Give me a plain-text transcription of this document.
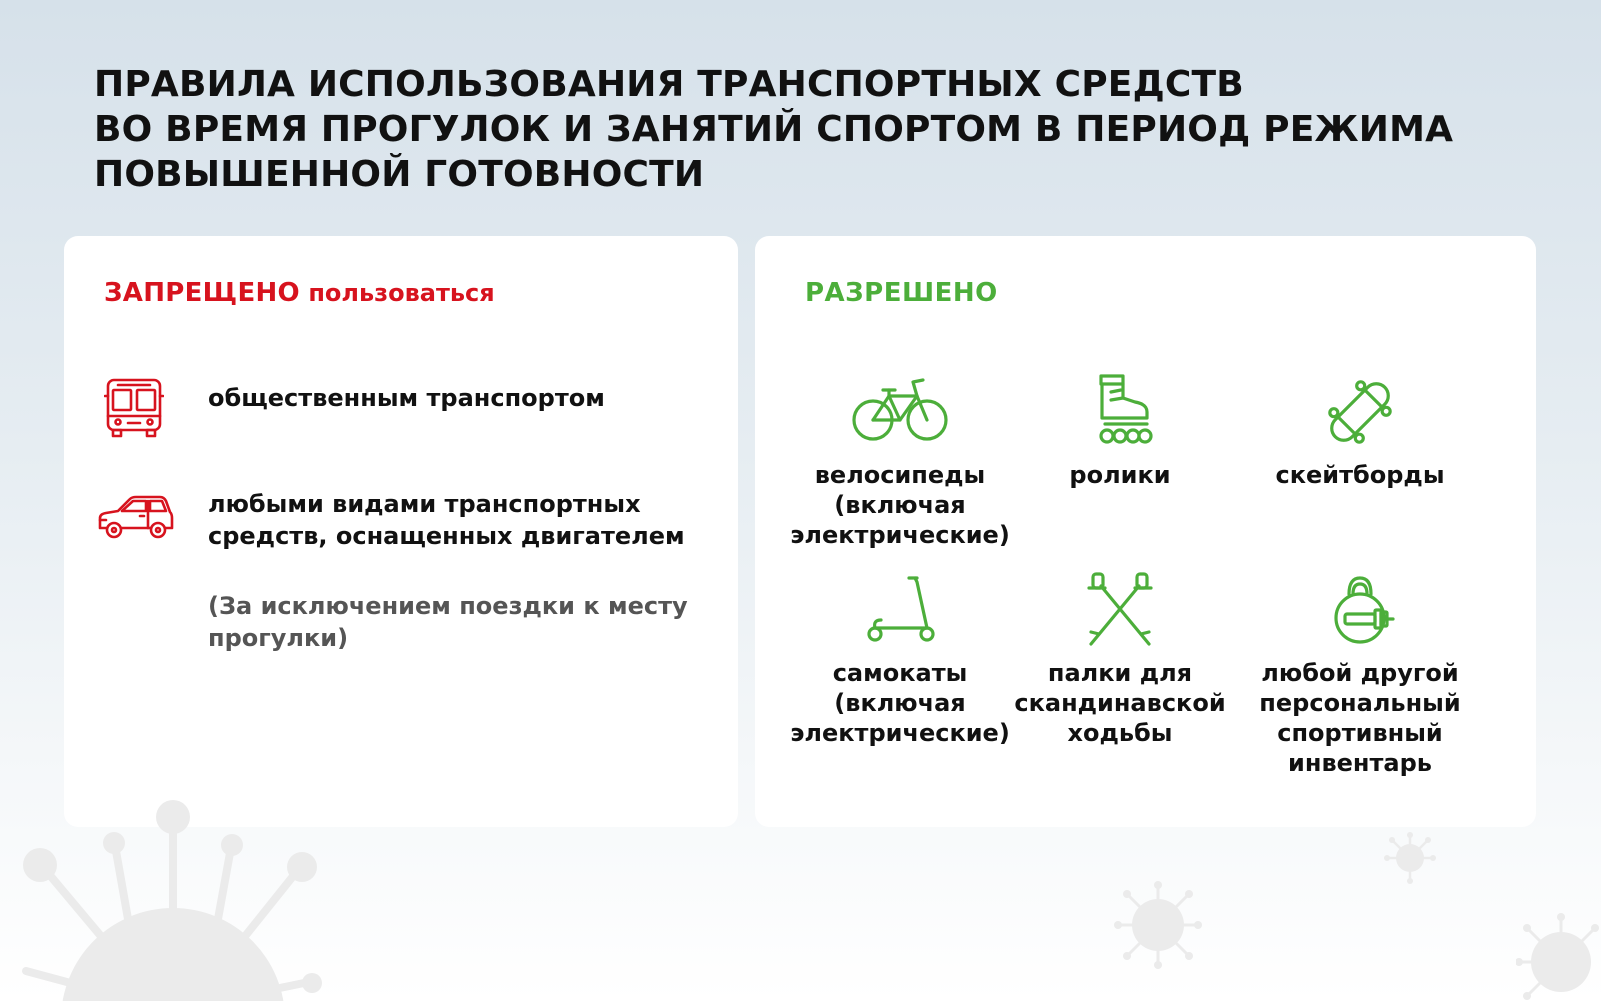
ПРАВИЛА ИСПОЛЬЗОВАНИЯ ТРАНСПОРТНЫХ СРЕДСТВ
ВО ВРЕМЯ ПРОГУЛОК И ЗАНЯТИЙ СПОРТОМ В ПЕРИОД РЕЖИМА
ПОВЫШЕННОЙ ГОТОВНОСТИ
ЗАПРЕЩЕНО пользоваться
общественным транспортом
любыми видами транспортных
средств, оснащенных двигателем
(За исключением поездки к месту
прогулки)
РАЗРЕШЕНО
велосипеды
(включая
электрические)
ролики	скейтборды
самокаты
(включая
электрические)
палки для
скандинавской
ходьбы
любой другой
персональный
спортивный
инвентарь
